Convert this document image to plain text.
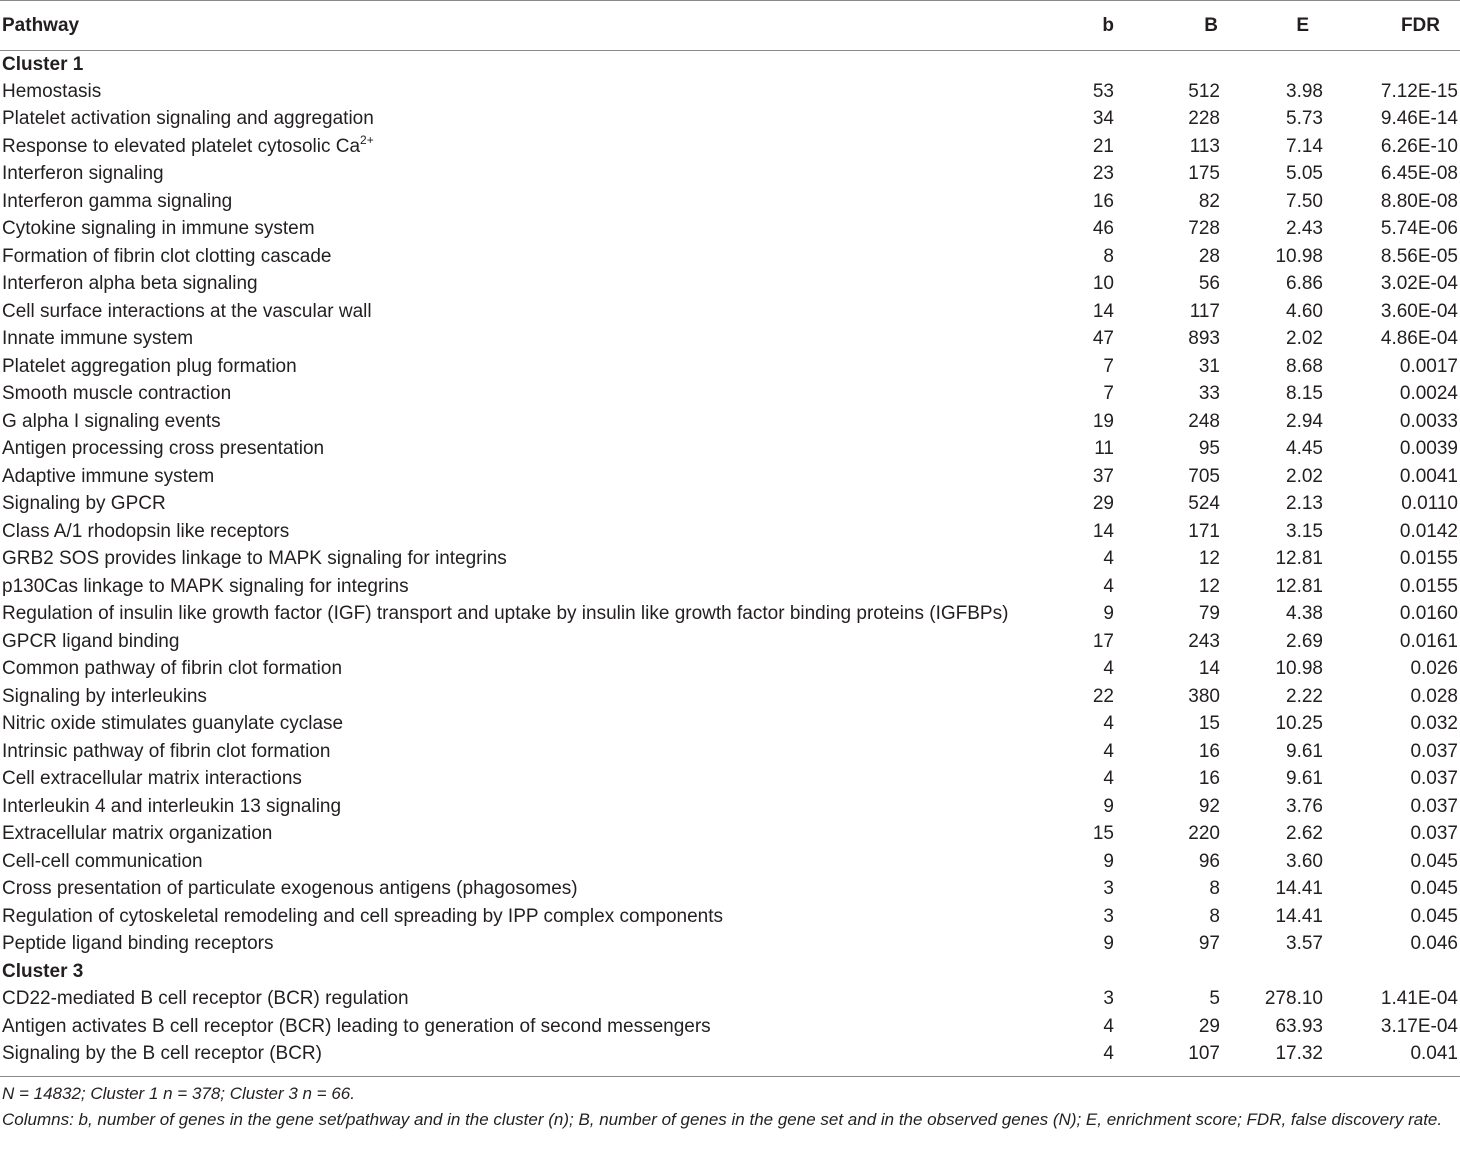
Pathway	b	B	E	FDR
Cluster 1				
Hemostasis	53	512	3.98	7.12E-15
Platelet activation signaling and aggregation	34	228	5.73	9.46E-14
Response to elevated platelet cytosolic $Ca^{2+}$	21	113	7.14	6.26E-10
Interferon signaling	23	175	5.05	6.45E-08
Interferon gamma signaling	16	82	7.50	8.80E-08
Cytokine signaling in immune system	46	728	2.43	5.74E-06
Formation of fibrin clot clotting cascade	8	28	10.98	8.56E-05
Interferon alpha beta signaling	10	56	6.86	3.02E-04
Cell surface interactions at the vascular wall	14	117	4.60	3.60E-04
Innate immune system	47	893	2.02	4.86E-04
Platelet aggregation plug formation	7	31	8.68	0.0017
Smooth muscle contraction	7	33	8.15	0.0024
G alpha I signaling events	19	248	2.94	0.0033
Antigen processing cross presentation	11	95	4.45	0.0039
Adaptive immune system	37	705	2.02	0.0041
Signaling by GPCR	29	524	2.13	0.0110
Class A/1 rhodopsin like receptors	14	171	3.15	0.0142
GRB2 SOS provides linkage to MAPK signaling for integrins	4	12	12.81	0.0155
p130Cas linkage to MAPK signaling for integrins	4	12	12.81	0.0155
Regulation of insulin like growth factor (IGF) transport and uptake by insulin like growth factor binding proteins (IGFBPs)	9	79	4.38	0.0160
GPCR ligand binding	17	243	2.69	0.0161
Common pathway of fibrin clot formation	4	14	10.98	0.026
Signaling by interleukins	22	380	2.22	0.028
Nitric oxide stimulates guanylate cyclase	4	15	10.25	0.032
Intrinsic pathway of fibrin clot formation	4	16	9.61	0.037
Cell extracellular matrix interactions	4	16	9.61	0.037
Interleukin 4 and interleukin 13 signaling	9	92	3.76	0.037
Extracellular matrix organization	15	220	2.62	0.037
Cell-cell communication	9	96	3.60	0.045
Cross presentation of particulate exogenous antigens (phagosomes)	3	8	14.41	0.045
Regulation of cytoskeletal remodeling and cell spreading by IPP complex components	3	8	14.41	0.045
Peptide ligand binding receptors	9	97	3.57	0.046
Cluster 3				
CD22-mediated B cell receptor (BCR) regulation	3	5	278.10	1.41E-04
Antigen activates B cell receptor (BCR) leading to generation of second messengers	4	29	63.93	3.17E-04
Signaling by the B cell receptor (BCR)	4	107	17.32	0.041
N = 14832; Cluster 1 n = 378; Cluster 3 n = 66.
Columns: b, number of genes in the gene set/pathway and in the cluster (n); B, number of genes in the gene set and in the observed genes (N); E, enrichment score; FDR, false discovery rate.
